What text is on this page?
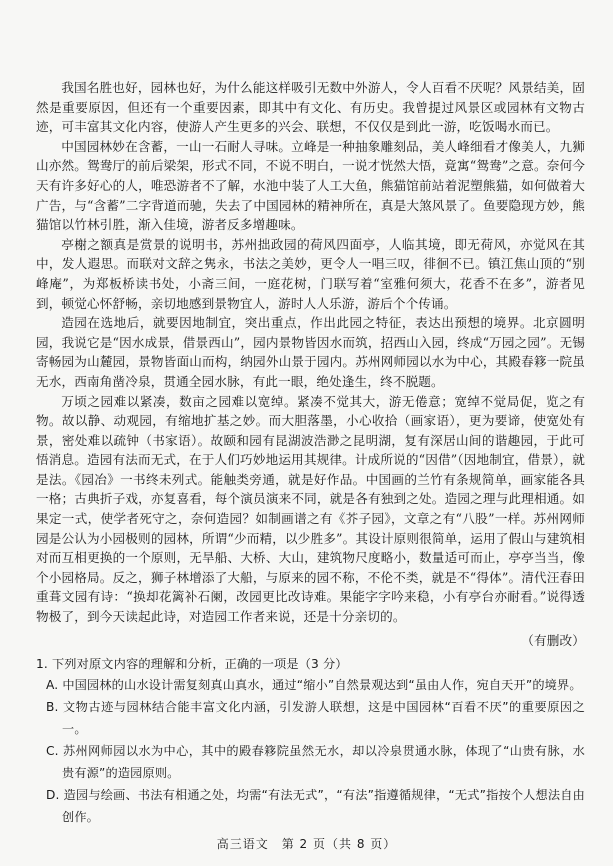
我国名胜也好，园林也好，为什么能这样吸引无数中外游人，令人百看不厌呢？风景结美，固然是重要原因，但还有一个重要因素，即其中有文化、有历史。我曾提过风景区或园林有文物古迹，可丰富其文化内容，使游人产生更多的兴会、联想，不仅仅是到此一游，吃饭喝水而已。

中国园林妙在含蓄，一山一石耐人寻味。立峰是一种抽象雕刻品，美人峰细看才像美人，九狮山亦然。鸳鸯厅的前后梁架，形式不同，不说不明白，一说才恍然大悟，竟寓“鸳鸯”之意。奈何今天有许多好心的人，唯恐游者不了解，水池中装了人工大鱼，熊猫馆前站着泥塑熊猫，如何做着大广告，与“含蓄”二字背道而驰，失去了中国园林的精神所在，真是大煞风景了。鱼要隐现方妙，熊猫馆以竹林引胜，渐入佳境，游者反多增趣味。

亭榭之额真是赏景的说明书，苏州拙政园的荷风四面亭，人临其境，即无荷风，亦觉风在其中，发人遐思。而联对文辞之隽永，书法之美妙，更令人一唱三叹，徘徊不已。镇江焦山顶的“别峰庵”，为郑板桥读书处，小斋三间，一庭花树，门联写着“室雅何须大，花香不在多”，游者见到，顿觉心怀舒畅，亲切地感到景物宜人，游时人人乐游，游后个个传诵。

造园在选地后，就要因地制宜，突出重点，作出此园之特征，表达出预想的境界。北京圆明园，我说它是“因水成景，借景西山”，园内景物皆因水而筑，招西山入园，终成“万园之园”。无锡寄畅园为山麓园，景物皆面山而构，纳园外山景于园内。苏州网师园以水为中心，其殿春簃一院虽无水，西南角凿冷泉，贯通全园水脉，有此一眼，绝处逢生，终不脱题。

万顷之园难以紧凑，数亩之园难以宽绰。紧凑不觉其大，游无倦意；宽绰不觉局促，览之有物。故以静、动观园，有缩地扩基之妙。而大胆落墨，小心收拾（画家语），更为要谛，使宽处有景，密处难以疏钟（书家语）。故颐和园有昆湖波浩渺之昆明湖，复有深居山间的谐趣园，于此可悟消息。造园有法而无式，在于人们巧妙地运用其规律。计成所说的“因借”（因地制宜，借景），就是法。《园冶》一书终未列式。能触类旁通，就是好作品。中国画的兰竹有条规简单，画家能各具一格；古典折子戏，亦复喜看，每个演员演来不同，就是各有独到之处。造园之理与此理相通。如果定一式，使学者死守之，奈何造园？如制画谱之有《芥子园》，文章之有“八股”一样。苏州网师园是公认为小园极则的园林，所谓“少而精，以少胜多”。其设计原则很简单，运用了假山与建筑相对而互相更换的一个原则，无旱船、大桥、大山，建筑物尺度略小，数量适可而止，亭亭当当，像个小园格局。反之，狮子林增添了大船，与原来的园不称，不伦不类，就是不“得体”。清代汪春田重葺文园有诗：“换却花篱补石阑，改园更比改诗难。果能字字吟来稳，小有亭台亦耐看。”说得透物极了，到今天读起此诗，对造园工作者来说，还是十分亲切的。

（有删改）

1. 下列对原文内容的理解和分析，正确的一项是（3 分）

A. 中国园林的山水设计需复刻真山真水，通过“缩小”自然景观达到“虽由人作，宛自天开”的境界。

B. 文物古迹与园林结合能丰富文化内涵，引发游人联想，这是中国园林“百看不厌”的重要原因之一。

C. 苏州网师园以水为中心，其中的殿春簃院虽然无水，却以冷泉贯通水脉，体现了“山贵有脉，水贵有源”的造园原则。

D. 造园与绘画、书法有相通之处，均需“有法无式”，“有法”指遵循规律，“无式”指按个人想法自由创作。

高三语文　第 2 页（共 8 页）
